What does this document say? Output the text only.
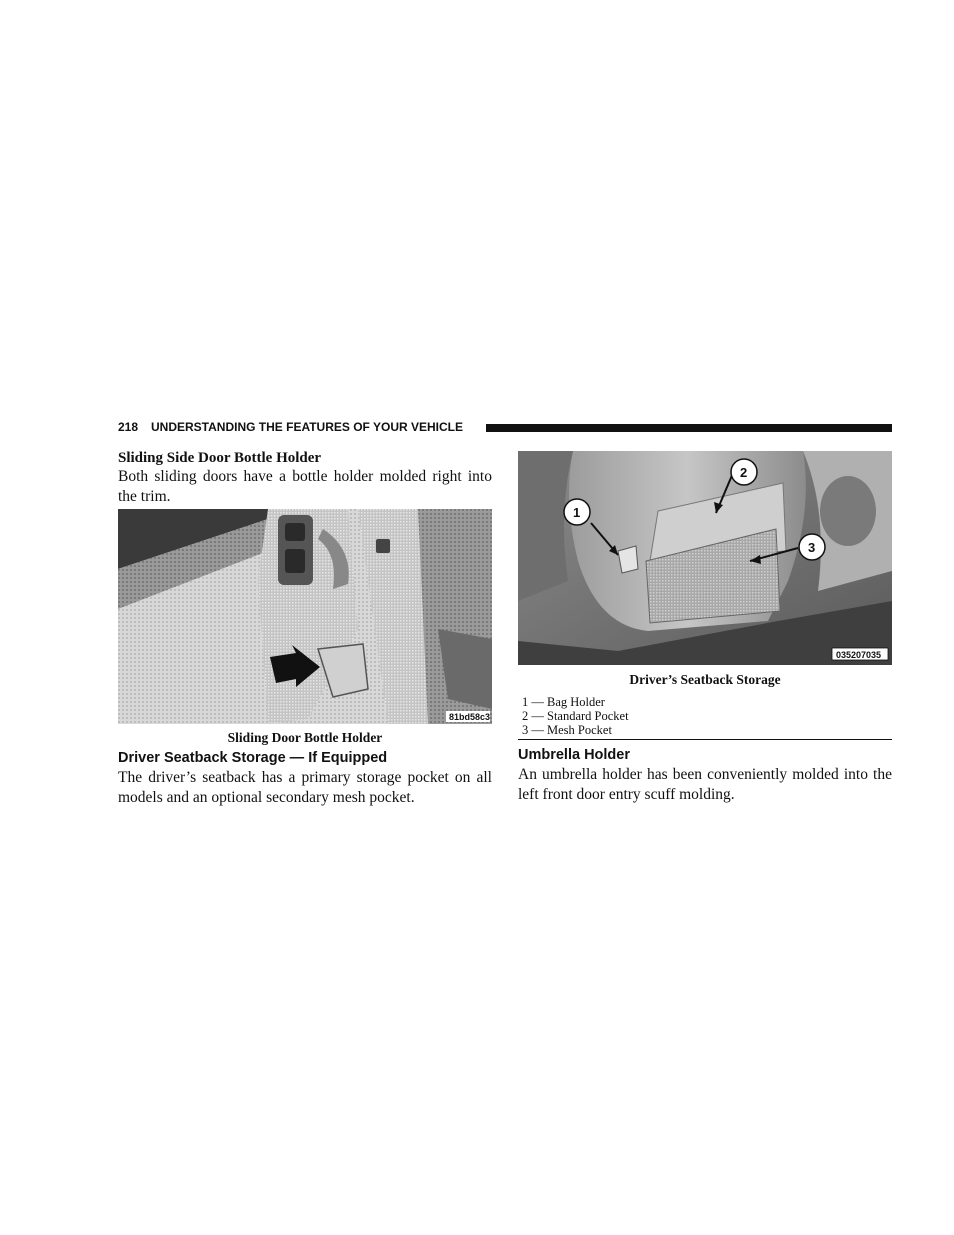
218 UNDERSTANDING THE FEATURES OF YOUR VEHICLE

Sliding Side Door Bottle Holder

Both sliding doors have a bottle holder molded right into the trim.

81bd58c3
Sliding Door Bottle Holder

Driver Seatback Storage — If Equipped

The driver’s seatback has a primary storage pocket on all models and an optional secondary mesh pocket.

1
2
3
035207035
Driver’s Seatback Storage
1 — Bag Holder
2 — Standard Pocket
3 — Mesh Pocket

Umbrella Holder

An umbrella holder has been conveniently molded into the left front door entry scuff molding.
